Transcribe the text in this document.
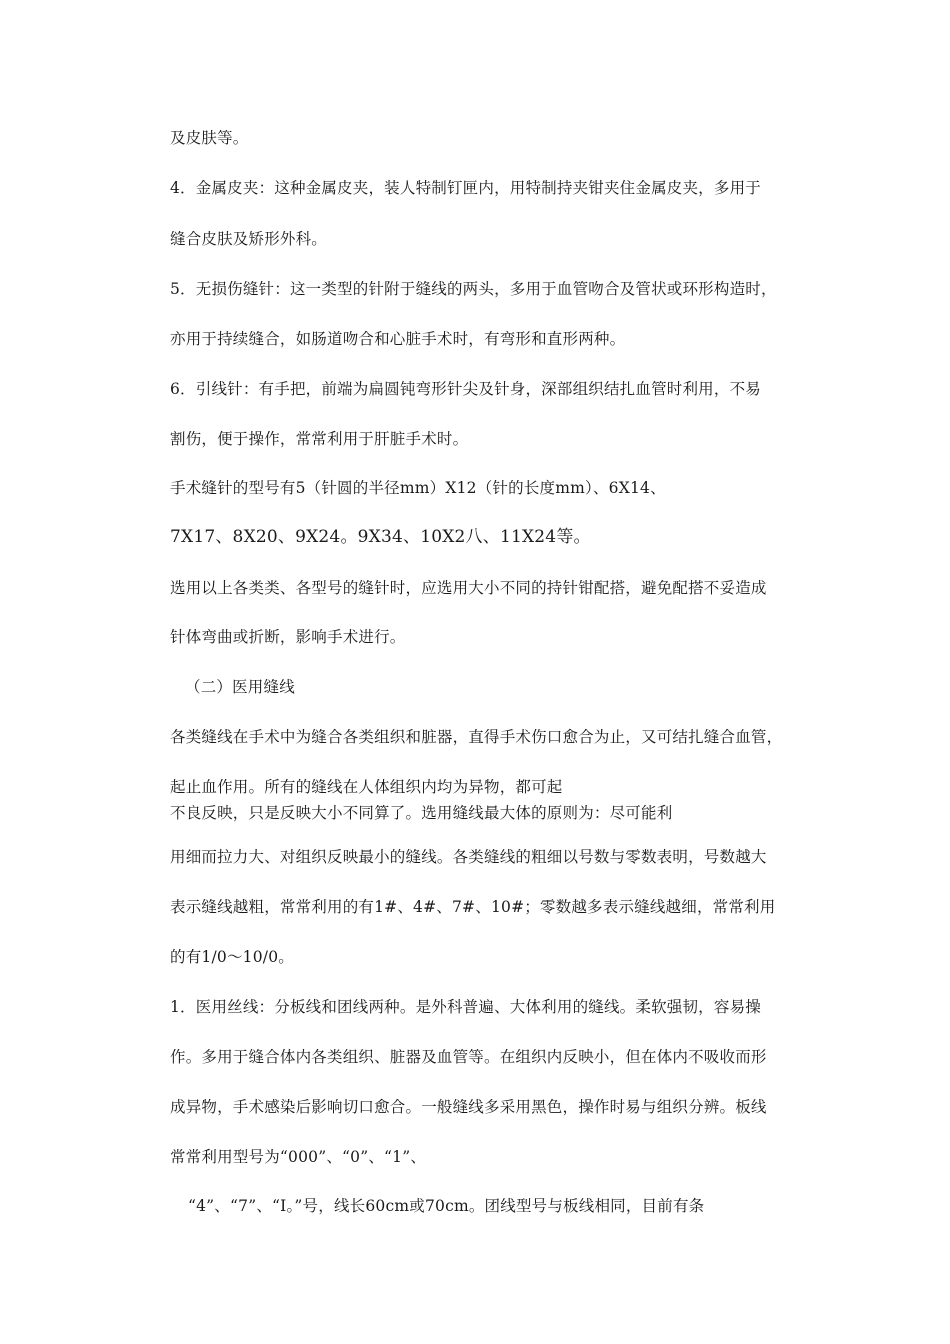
及皮肤等。
4．金属皮夹：这种金属皮夹，装人特制钉匣内，用特制持夹钳夹住金属皮夹，多用于
缝合皮肤及矫形外科。
5．无损伤缝针：这一类型的针附于缝线的两头，多用于血管吻合及管状或环形构造时，
亦用于持续缝合，如肠道吻合和心脏手术时，有弯形和直形两种。
6．引线针：有手把，前端为扁圆钝弯形针尖及针身，深部组织结扎血管时利用，不易
割伤，便于操作，常常利用于肝脏手术时。
手术缝针的型号有5（针圆的半径mm）X12（针的长度mm）、6X14、
7X17、8X20、9X24。9X34、10X2八、11X24等。
选用以上各类类、各型号的缝针时，应选用大小不同的持针钳配搭，避免配搭不妥造成
针体弯曲或折断，影响手术进行。
（二）医用缝线
各类缝线在手术中为缝合各类组织和脏器，直得手术伤口愈合为止，又可结扎缝合血管，
起止血作用。所有的缝线在人体组织内均为异物，都可起
不良反映，只是反映大小不同算了。选用缝线最大体的原则为：尽可能利
用细而拉力大、对组织反映最小的缝线。各类缝线的粗细以号数与零数表明，号数越大
表示缝线越粗，常常利用的有1#、4#、7#、10#；零数越多表示缝线越细，常常利用
的有1/0～10/0。
1．医用丝线：分板线和团线两种。是外科普遍、大体利用的缝线。柔软强韧，容易操
作。多用于缝合体内各类组织、脏器及血管等。在组织内反映小，但在体内不吸收而形
成异物，手术感染后影响切口愈合。一般缝线多采用黑色，操作时易与组织分辨。板线
常常利用型号为“000”、“0”、“1”、
“4”、“7”、“I。”号，线长60cm或70cm。团线型号与板线相同，目前有条
